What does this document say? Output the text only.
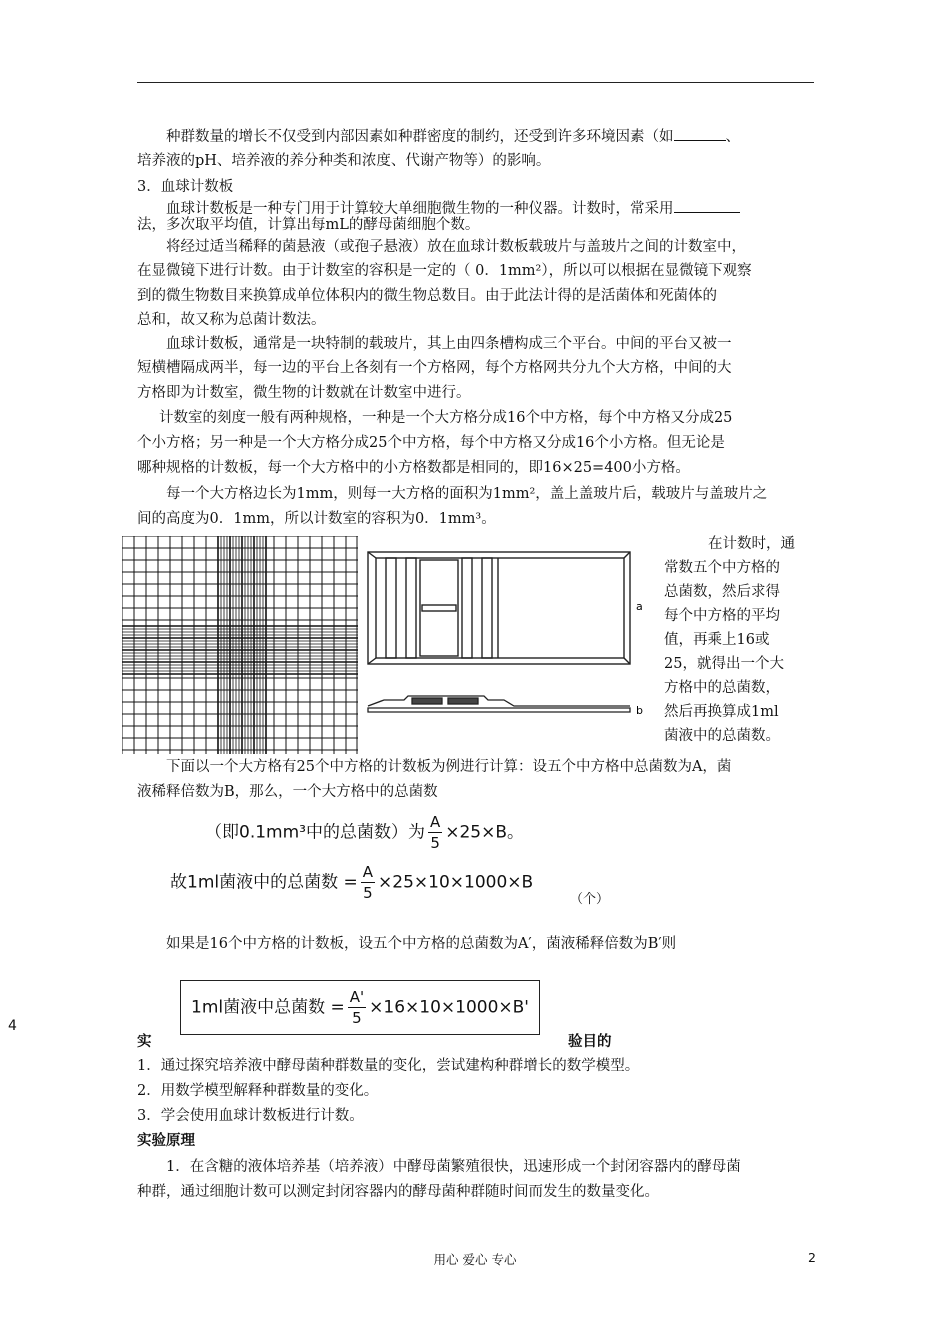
种群数量的增长不仅受到内部因素如种群密度的制约，还受到许多环境因素（如	、
培养液的pH、培养液的养分种类和浓度、代谢产物等）的影响。
3．血球计数板
血球计数板是一种专门用于计算较大单细胞微生物的一种仪器。计数时，常采用
法，多次取平均值，计算出每mL的酵母菌细胞个数。
将经过适当稀释的菌悬液（或孢子悬液）放在血球计数板载玻片与盖玻片之间的计数室中，
在显微镜下进行计数。由于计数室的容积是一定的（ 0．1mm²），所以可以根据在显微镜下观察
到的微生物数目来换算成单位体积内的微生物总数目。由于此法计得的是活菌体和死菌体的
总和，故又称为总菌计数法。
血球计数板，通常是一块特制的载玻片，其上由四条槽构成三个平台。中间的平台又被一
短横槽隔成两半，每一边的平台上各刻有一个方格网，每个方格网共分九个大方格，中间的大
方格即为计数室，微生物的计数就在计数室中进行。
计数室的刻度一般有两种规格，一种是一个大方格分成16个中方格，每个中方格又分成25
个小方格；另一种是一个大方格分成25个中方格，每个中方格又分成16个小方格。但无论是
哪种规格的计数板，每一个大方格中的小方格数都是相同的，即16×25=400小方格。
每一个大方格边长为1mm，则每一大方格的面积为1mm²，盖上盖玻片后，载玻片与盖玻片之
间的高度为0．1mm，所以计数室的容积为0．1mm³。
a
b
在计数时，通
常数五个中方格的
总菌数，然后求得
每个中方格的平均
值，再乘上16或
25，就得出一个大
方格中的总菌数，
然后再换算成1ml
菌液中的总菌数。
下面以一个大方格有25个中方格的计数板为例进行计算：设五个中方格中总菌数为A，菌
液稀释倍数为B，那么，一个大方格中的总菌数
（即0.1mm³中的总菌数）为 $\frac{A}{5} \times 25\times B$。
故1ml菌液中的总菌数 = $\frac{A}{5} \times 25\times 10\times 1000\times B$
（个）
如果是16个中方格的计数板，设五个中方格的总菌数为A′，菌液稀释倍数为B′则
1ml菌液中总菌数 = $\frac{A'}{5} \times 16\times 10\times 1000\times B'$
4
实	验目的
1．通过探究培养液中酵母菌种群数量的变化，尝试建构种群增长的数学模型。
2．用数学模型解释种群数量的变化。
3．学会使用血球计数板进行计数。
实验原理
1．在含糖的液体培养基（培养液）中酵母菌繁殖很快，迅速形成一个封闭容器内的酵母菌
种群，通过细胞计数可以测定封闭容器内的酵母菌种群随时间而发生的数量变化。
用心 爱心 专心	2
